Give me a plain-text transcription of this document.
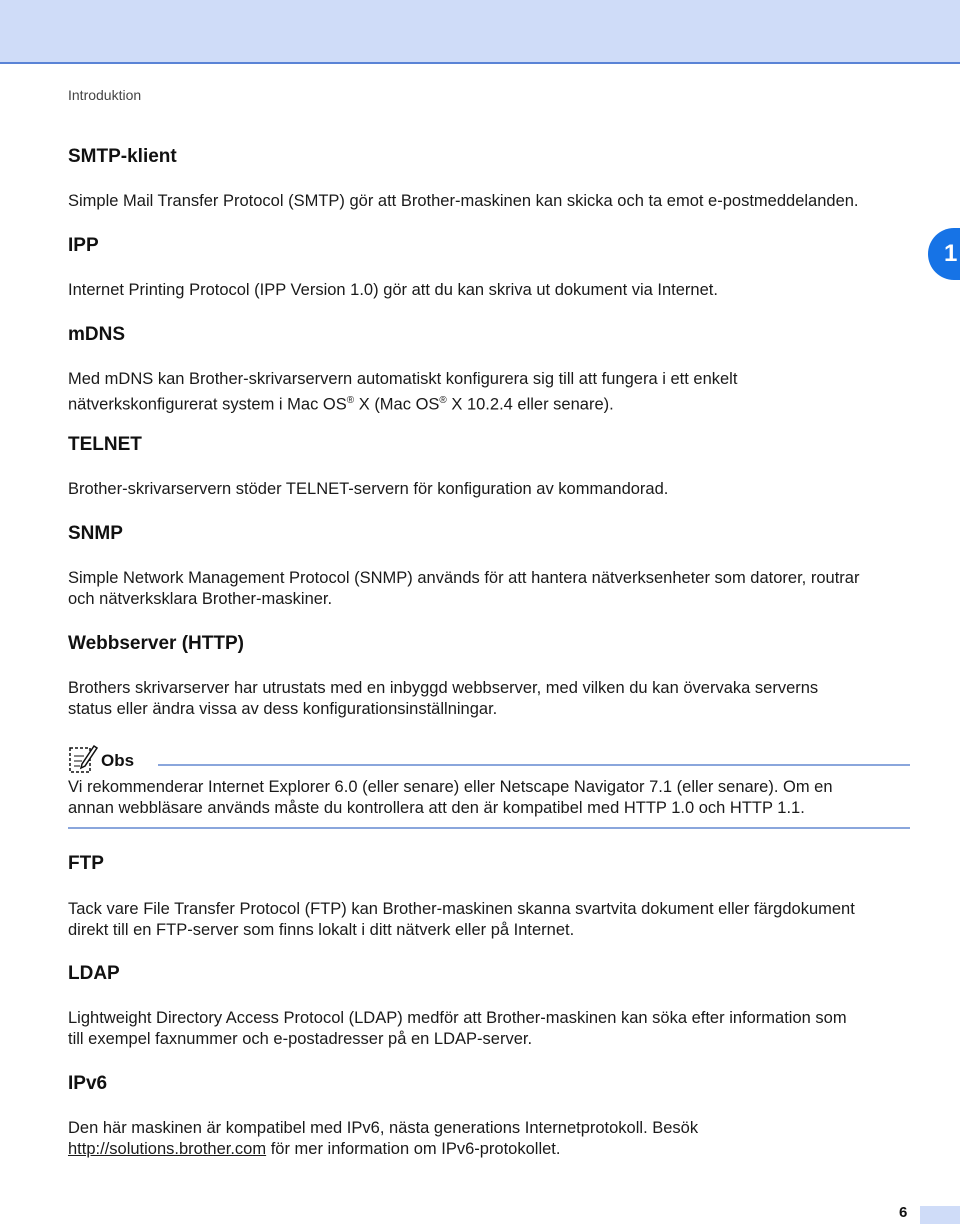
Introduktion
1
SMTP-klient

Simple Mail Transfer Protocol (SMTP) gör att Brother-maskinen kan skicka och ta emot e-postmeddelanden.

IPP

Internet Printing Protocol (IPP Version 1.0) gör att du kan skriva ut dokument via Internet.

mDNS

Med mDNS kan Brother-skrivarservern automatiskt konfigurera sig till att fungera i ett enkelt
nätverkskonfigurerat system i Mac OS® X (Mac OS® X 10.2.4 eller senare).

TELNET

Brother-skrivarservern stöder TELNET-servern för konfiguration av kommandorad.

SNMP

Simple Network Management Protocol (SNMP) används för att hantera nätverksenheter som datorer, routrar
och nätverksklara Brother-maskiner.

Webbserver (HTTP)

Brothers skrivarserver har utrustats med en inbyggd webbserver, med vilken du kan övervaka serverns
status eller ändra vissa av dess konfigurationsinställningar.

Obs

Vi rekommenderar Internet Explorer 6.0 (eller senare) eller Netscape Navigator 7.1 (eller senare). Om en
annan webbläsare används måste du kontrollera att den är kompatibel med HTTP 1.0 och HTTP 1.1.

FTP

Tack vare File Transfer Protocol (FTP) kan Brother-maskinen skanna svartvita dokument eller färgdokument
direkt till en FTP-server som finns lokalt i ditt nätverk eller på Internet.

LDAP

Lightweight Directory Access Protocol (LDAP) medför att Brother-maskinen kan söka efter information som
till exempel faxnummer och e-postadresser på en LDAP-server.

IPv6

Den här maskinen är kompatibel med IPv6, nästa generations Internetprotokoll. Besök
http://solutions.brother.com för mer information om IPv6-protokollet.

6
